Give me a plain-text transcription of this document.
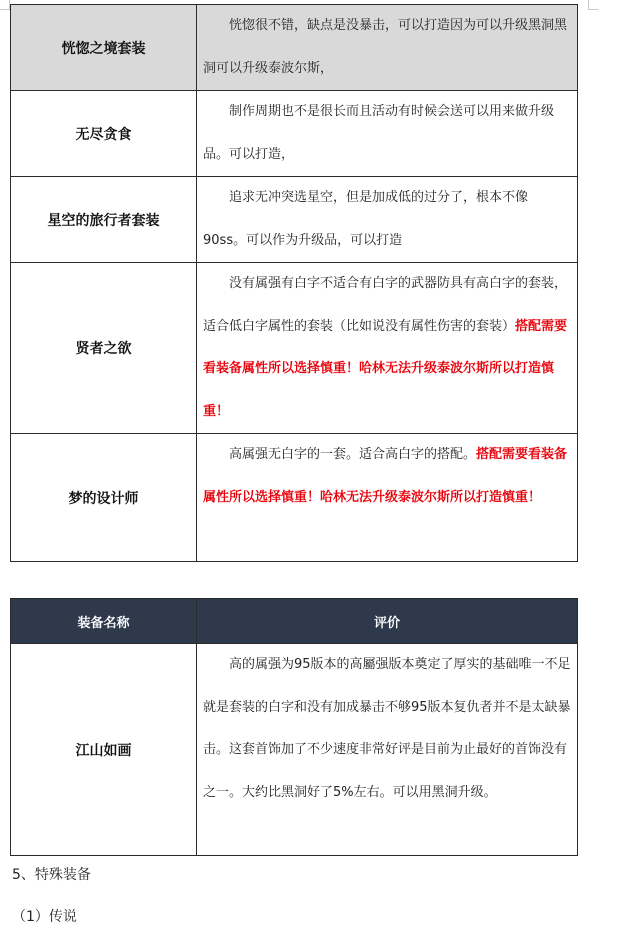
恍惚之境套装	恍惚很不错，缺点是没暴击，可以打造因为可以升级黑洞黑洞可以升级泰波尔斯，
无尽贪食	制作周期也不是很长而且活动有时候会送可以用来做升级品。可以打造，
星空的旅行者套装	追求无冲突选星空，但是加成低的过分了，根本不像90ss。可以作为升级品，可以打造
贤者之欲	没有属强有白字不适合有白字的武器防具有高白字的套装，适合低白字属性的套装（比如说没有属性伤害的套装）搭配需要看装备属性所以选择慎重！哈林无法升级泰波尔斯所以打造慎重！
梦的设计师	高属强无白字的一套。适合高白字的搭配。搭配需要看装备属性所以选择慎重！哈林无法升级泰波尔斯所以打造慎重！
装备名称	评价
江山如画	高的属强为95版本的高屬强版本奠定了厚实的基础唯一不足就是套装的白字和没有加成暴击不够95版本复仇者并不是太缺暴击。这套首饰加了不少速度非常好评是目前为止最好的首饰没有之一。大约比黑洞好了5%左右。可以用黑洞升级。
5、特殊装备
（1）传说
